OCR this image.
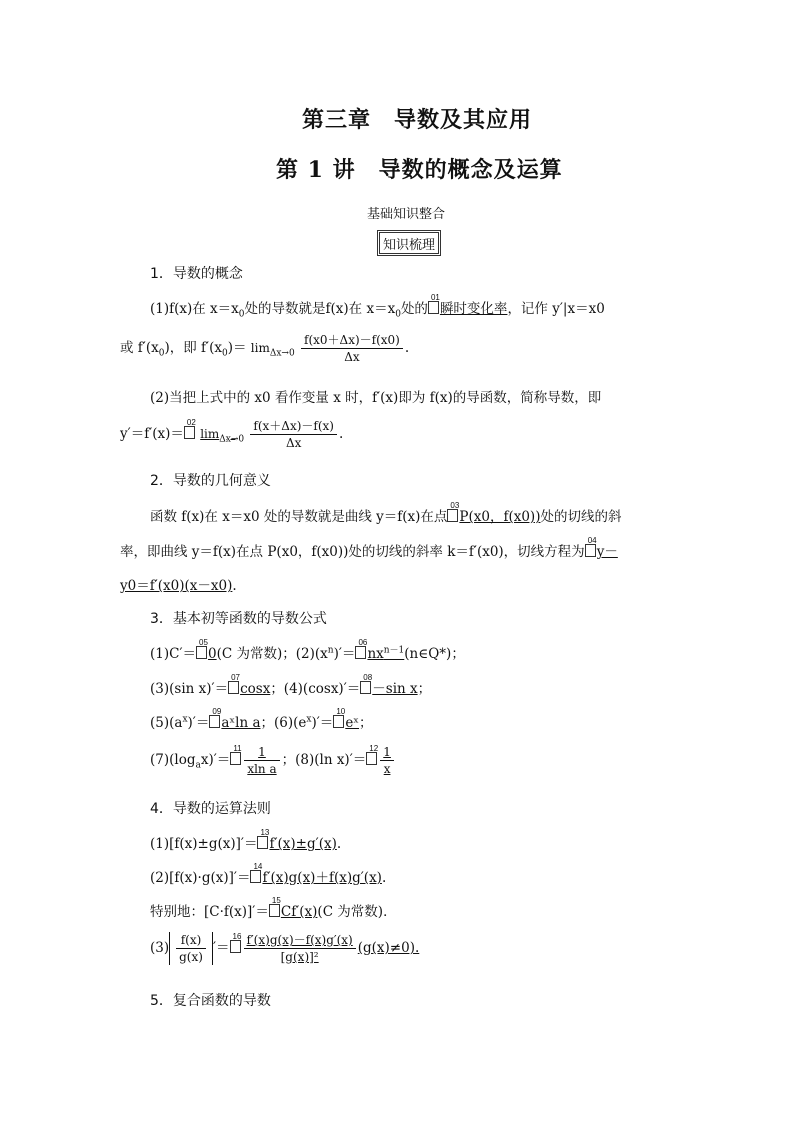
第三章　导数及其应用
第 1 讲　导数的概念及运算
基础知识整合
知识梳理
1．导数的概念
(1)f(x)在 $x=x_0$处的导数就是f(x)在 $x=x_0$处的
01
瞬时变化率，记作 y′|x＝x0
或 $f'(x_0)$，即 $f'(x_0)= \lim_{\Delta x\to 0} \frac{f(x0+\Delta x)-f(x0)}{\Delta x}$ .
(2)当把上式中的 x0 看作变量 x 时，f′(x)即为 f(x)的导函数，简称导数，即
y′＝f′(x)＝
02
$\lim_{\Delta x\to 0} \frac{f(x+\Delta x)-f(x)}{\Delta x}$ .
2．导数的几何意义
函数 f(x)在 x＝x0 处的导数就是曲线 y＝f(x)在点
03
P(x0，f(x0))处的切线的斜
率，即曲线 y＝f(x)在点 P(x0，f(x0))处的切线的斜率 k＝f′(x0)，切线方程为
04
y－
y0＝f′(x0)(x－x0).
3．基本初等函数的导数公式
(1)C′＝
05
0(C 为常数)；$(2)(x^n)'=$
06
$nx^{n-1}(n\in Q*)$；
(3)(sin x)′＝
07
cosx；(4)(cosx)′＝
08
－sin x；
$(5)(a^x)'=$
09
aˣln a；$(6)(e^x)'=$
10
eˣ；
$(7)(\log_ax)'=$
$11 \frac{1}{\text{xln a}}$ ；(8)(ln x)′＝
$12 \frac{1}{x}$
4．导数的运算法则
(1)[f(x)±g(x)]′＝
13
f′(x)±g′(x).
(2)[f(x)·g(x)]′＝
14
f′(x)g(x)＋f(x)g′(x).
特别地：[C·f(x)]′＝
15
Cf′(x)(C 为常数)．
$(3) \frac{f(x)}{g(x)}$ ′＝
$16 \frac{f'(x)g(x)-f(x)g'(x)}{\text{[g(x)]²}} (g(x)\ne 0)$.
5．复合函数的导数
